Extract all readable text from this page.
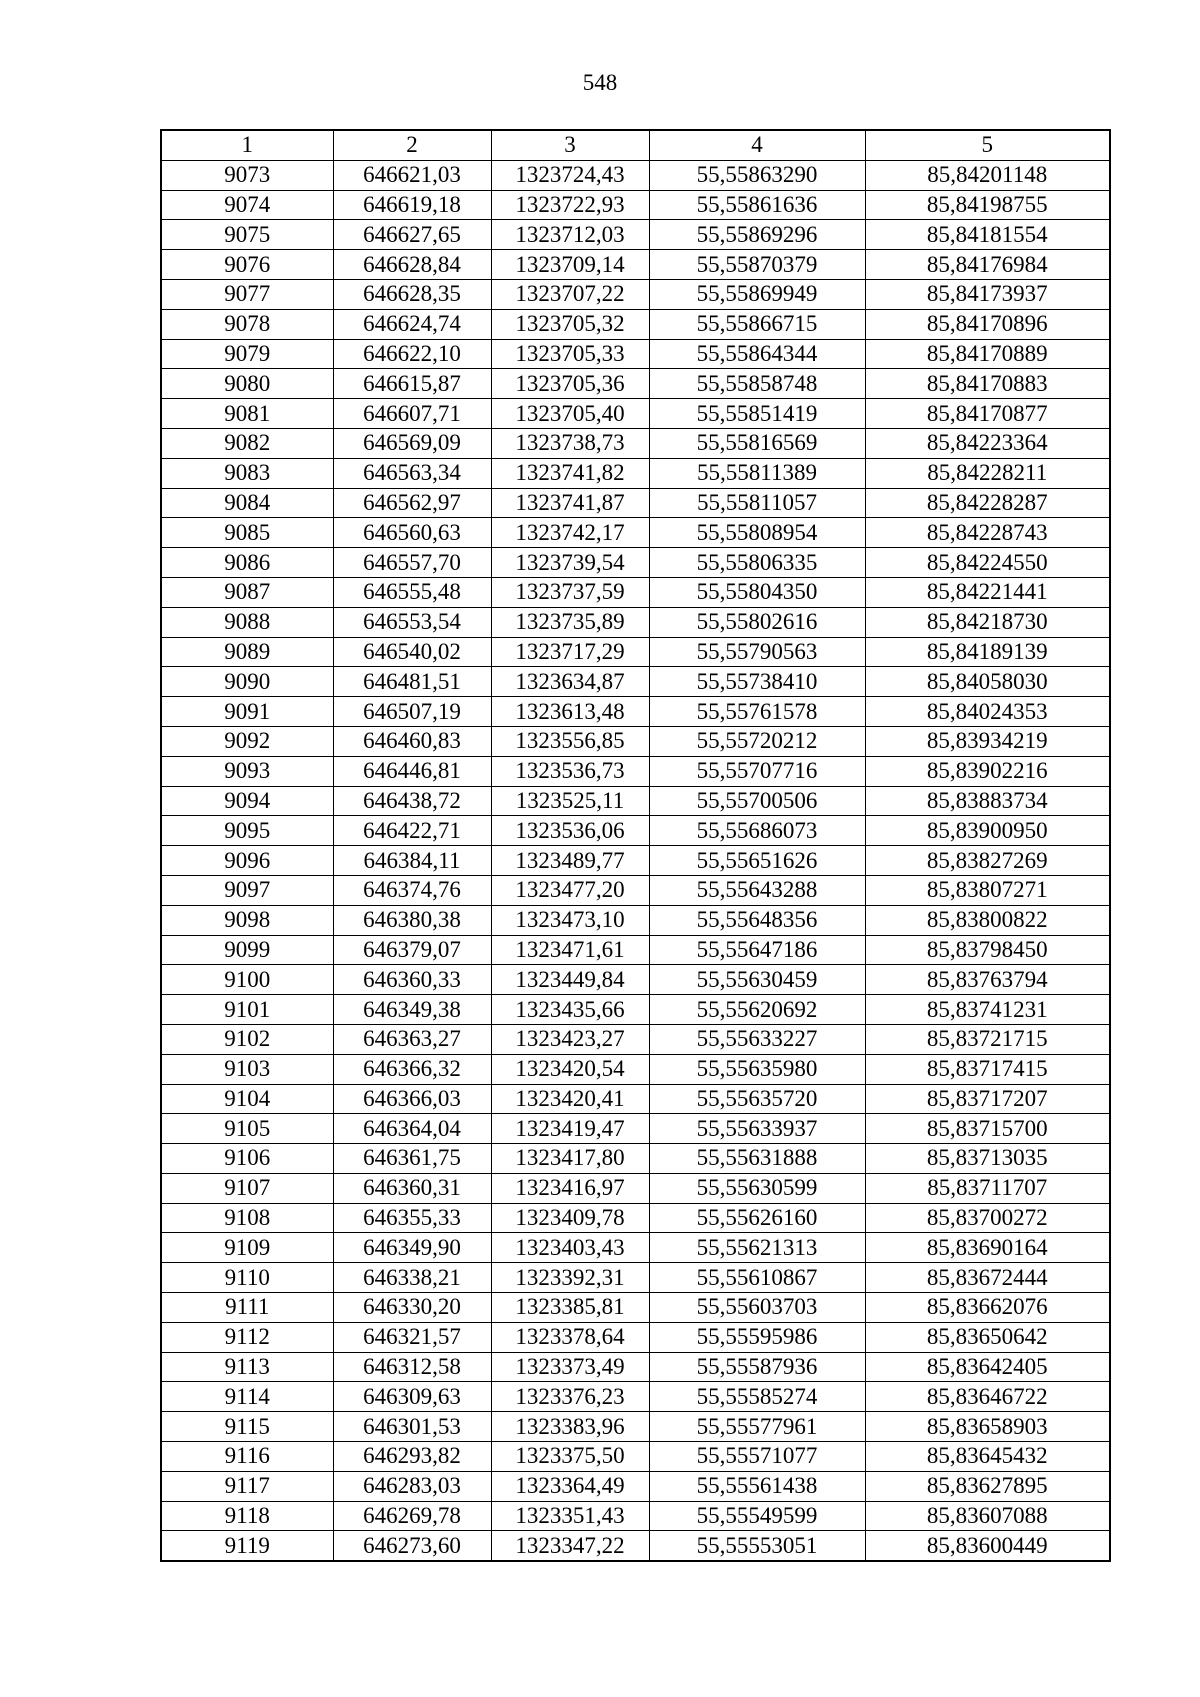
548
1	2	3	4	5
9073	646621,03	1323724,43	55,55863290	85,84201148
9074	646619,18	1323722,93	55,55861636	85,84198755
9075	646627,65	1323712,03	55,55869296	85,84181554
9076	646628,84	1323709,14	55,55870379	85,84176984
9077	646628,35	1323707,22	55,55869949	85,84173937
9078	646624,74	1323705,32	55,55866715	85,84170896
9079	646622,10	1323705,33	55,55864344	85,84170889
9080	646615,87	1323705,36	55,55858748	85,84170883
9081	646607,71	1323705,40	55,55851419	85,84170877
9082	646569,09	1323738,73	55,55816569	85,84223364
9083	646563,34	1323741,82	55,55811389	85,84228211
9084	646562,97	1323741,87	55,55811057	85,84228287
9085	646560,63	1323742,17	55,55808954	85,84228743
9086	646557,70	1323739,54	55,55806335	85,84224550
9087	646555,48	1323737,59	55,55804350	85,84221441
9088	646553,54	1323735,89	55,55802616	85,84218730
9089	646540,02	1323717,29	55,55790563	85,84189139
9090	646481,51	1323634,87	55,55738410	85,84058030
9091	646507,19	1323613,48	55,55761578	85,84024353
9092	646460,83	1323556,85	55,55720212	85,83934219
9093	646446,81	1323536,73	55,55707716	85,83902216
9094	646438,72	1323525,11	55,55700506	85,83883734
9095	646422,71	1323536,06	55,55686073	85,83900950
9096	646384,11	1323489,77	55,55651626	85,83827269
9097	646374,76	1323477,20	55,55643288	85,83807271
9098	646380,38	1323473,10	55,55648356	85,83800822
9099	646379,07	1323471,61	55,55647186	85,83798450
9100	646360,33	1323449,84	55,55630459	85,83763794
9101	646349,38	1323435,66	55,55620692	85,83741231
9102	646363,27	1323423,27	55,55633227	85,83721715
9103	646366,32	1323420,54	55,55635980	85,83717415
9104	646366,03	1323420,41	55,55635720	85,83717207
9105	646364,04	1323419,47	55,55633937	85,83715700
9106	646361,75	1323417,80	55,55631888	85,83713035
9107	646360,31	1323416,97	55,55630599	85,83711707
9108	646355,33	1323409,78	55,55626160	85,83700272
9109	646349,90	1323403,43	55,55621313	85,83690164
9110	646338,21	1323392,31	55,55610867	85,83672444
9111	646330,20	1323385,81	55,55603703	85,83662076
9112	646321,57	1323378,64	55,55595986	85,83650642
9113	646312,58	1323373,49	55,55587936	85,83642405
9114	646309,63	1323376,23	55,55585274	85,83646722
9115	646301,53	1323383,96	55,55577961	85,83658903
9116	646293,82	1323375,50	55,55571077	85,83645432
9117	646283,03	1323364,49	55,55561438	85,83627895
9118	646269,78	1323351,43	55,55549599	85,83607088
9119	646273,60	1323347,22	55,55553051	85,83600449
